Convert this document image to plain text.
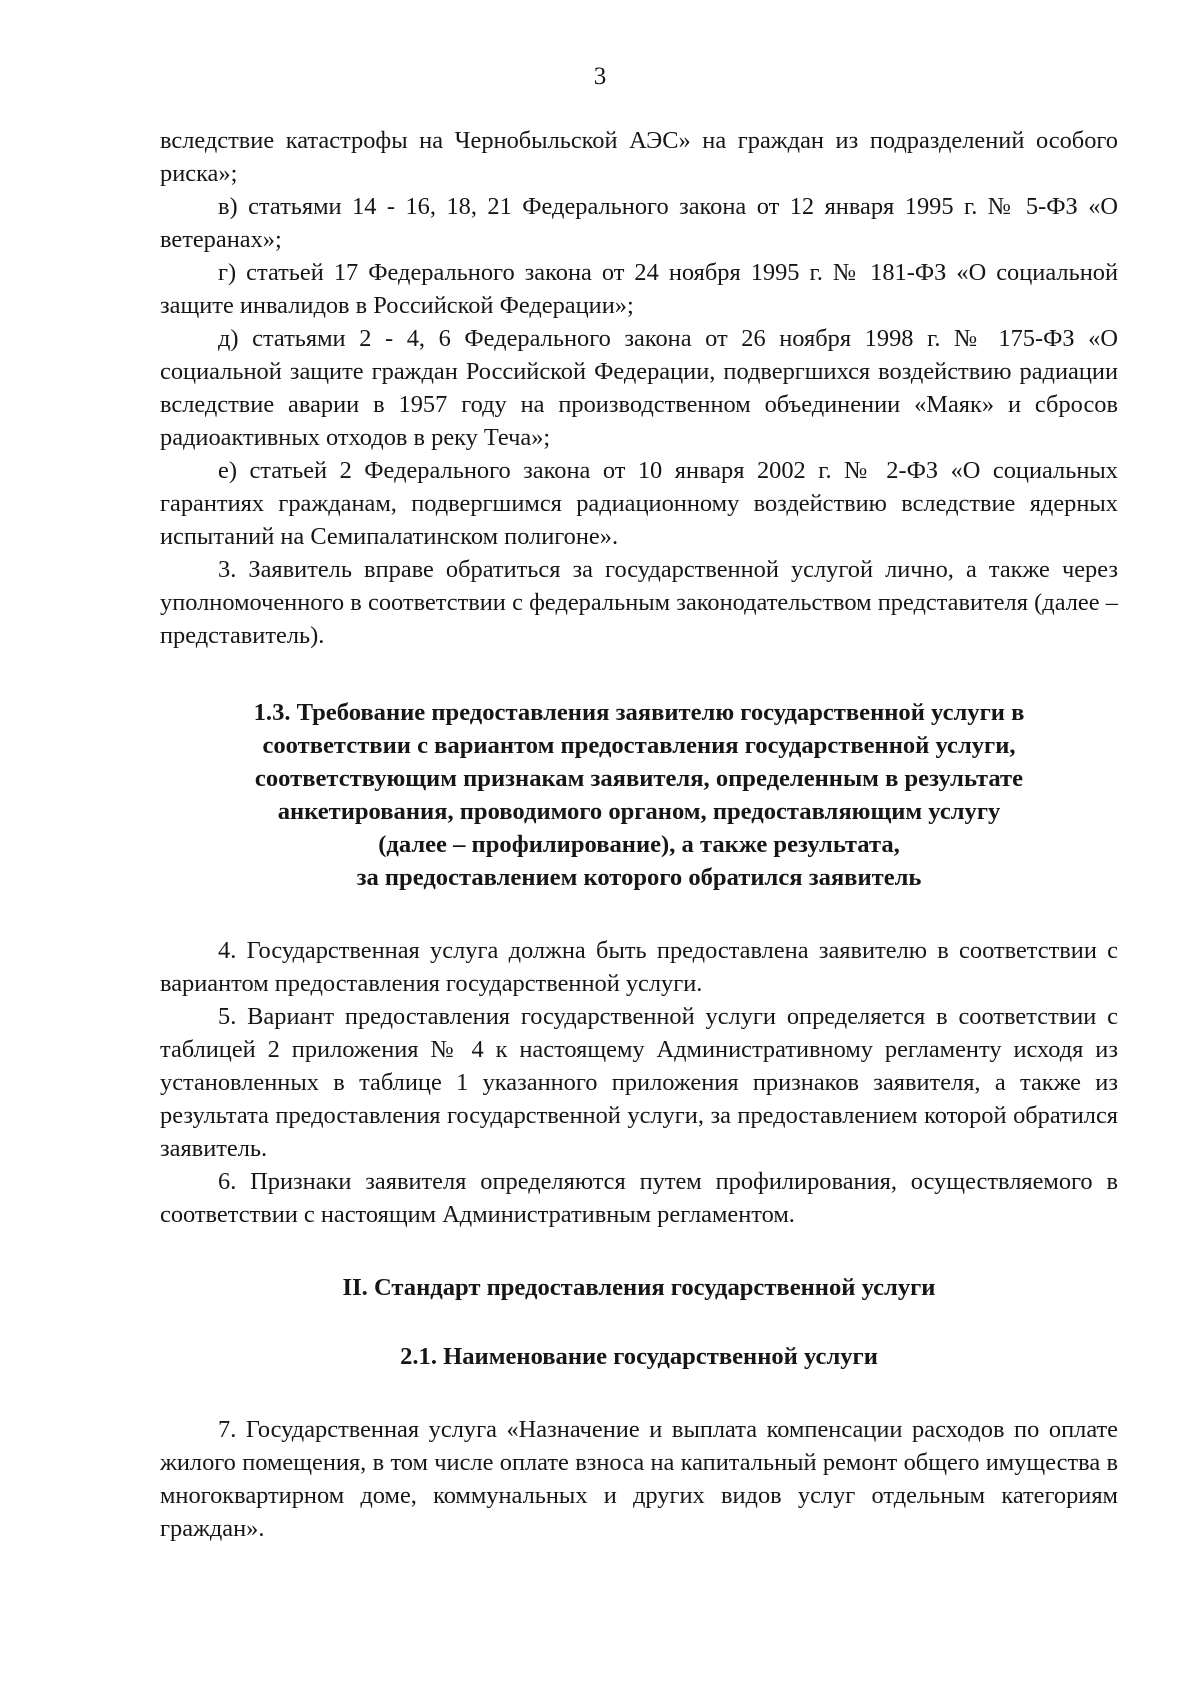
3

вследствие катастрофы на Чернобыльской АЭС» на граждан из подразделений особого риска»;

в) статьями 14 - 16, 18, 21 Федерального закона от 12 января 1995 г. № 5-ФЗ «О ветеранах»;

г) статьей 17 Федерального закона от 24 ноября 1995 г. № 181-ФЗ «О социальной защите инвалидов в Российской Федерации»;

д) статьями 2 - 4, 6 Федерального закона от 26 ноября 1998 г. № 175-ФЗ «О социальной защите граждан Российской Федерации, подвергшихся воздействию радиации вследствие аварии в 1957 году на производственном объединении «Маяк» и сбросов радиоактивных отходов в реку Теча»;

е) статьей 2 Федерального закона от 10 января 2002 г. № 2-ФЗ «О социальных гарантиях гражданам, подвергшимся радиационному воздействию вследствие ядерных испытаний на Семипалатинском полигоне».

3. Заявитель вправе обратиться за государственной услугой лично, а также через уполномоченного в соответствии с федеральным законодательством представителя (далее – представитель).

1.3. Требование предоставления заявителю государственной услуги в

соответствии с вариантом предоставления государственной услуги,

соответствующим признакам заявителя, определенным в результате

анкетирования, проводимого органом, предоставляющим услугу

(далее – профилирование), а также результата,

за предоставлением которого обратился заявитель

4. Государственная услуга должна быть предоставлена заявителю в соответствии с вариантом предоставления государственной услуги.

5. Вариант предоставления государственной услуги определяется в соответствии с таблицей 2 приложения № 4 к настоящему Административному регламенту исходя из установленных в таблице 1 указанного приложения признаков заявителя, а также из результата предоставления государственной услуги, за предоставлением которой обратился заявитель.

6. Признаки заявителя определяются путем профилирования, осуществляемого в соответствии с настоящим Административным регламентом.

II. Стандарт предоставления государственной услуги

2.1. Наименование государственной услуги

7. Государственная услуга «Назначение и выплата компенсации расходов по оплате жилого помещения, в том числе оплате взноса на капитальный ремонт общего имущества в многоквартирном доме, коммунальных и других видов услуг отдельным категориям граждан».
